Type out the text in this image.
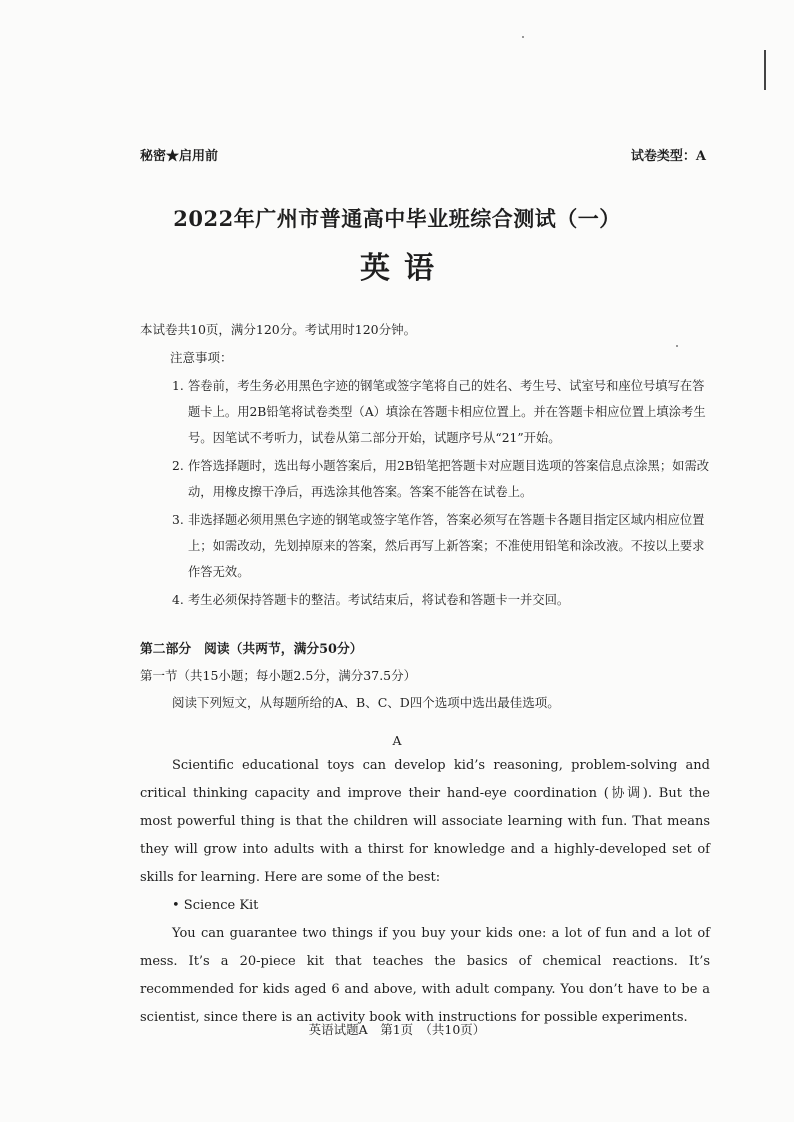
秘密★启用前	试卷类型：A
2022年广州市普通高中毕业班综合测试（一）
英语
本试卷共10页，满分120分。考试用时120分钟。
注意事项：
1. 答卷前，考生务必用黑色字迹的钢笔或签字笔将自己的姓名、考生号、试室号和座位号填写在答题卡上。用2B铅笔将试卷类型（A）填涂在答题卡相应位置上。并在答题卡相应位置上填涂考生号。因笔试不考听力，试卷从第二部分开始，试题序号从“21”开始。
2. 作答选择题时，选出每小题答案后，用2B铅笔把答题卡对应题目选项的答案信息点涂黑；如需改动，用橡皮擦干净后，再选涂其他答案。答案不能答在试卷上。
3. 非选择题必须用黑色字迹的钢笔或签字笔作答，答案必须写在答题卡各题目指定区域内相应位置上；如需改动，先划掉原来的答案，然后再写上新答案；不准使用铅笔和涂改液。不按以上要求作答无效。
4. 考生必须保持答题卡的整洁。考试结束后，将试卷和答题卡一并交回。
第二部分　阅读（共两节，满分50分）
第一节（共15小题；每小题2.5分，满分37.5分）
阅读下列短文，从每题所给的A、B、C、D四个选项中选出最佳选项。
A

Scientific educational toys can develop kid’s reasoning, problem-solving and critical thinking capacity and improve their hand-eye coordination (协调). But the most powerful thing is that the children will associate learning with fun. That means they will grow into adults with a thirst for knowledge and a highly-developed set of skills for learning. Here are some of the best:

• Science Kit

You can guarantee two things if you buy your kids one: a lot of fun and a lot of mess. It’s a 20-piece kit that teaches the basics of chemical reactions. It’s recommended for kids aged 6 and above, with adult company. You don’t have to be a scientist, since there is an activity book with instructions for possible experiments.

英语试题A　第1页　（共10页）
